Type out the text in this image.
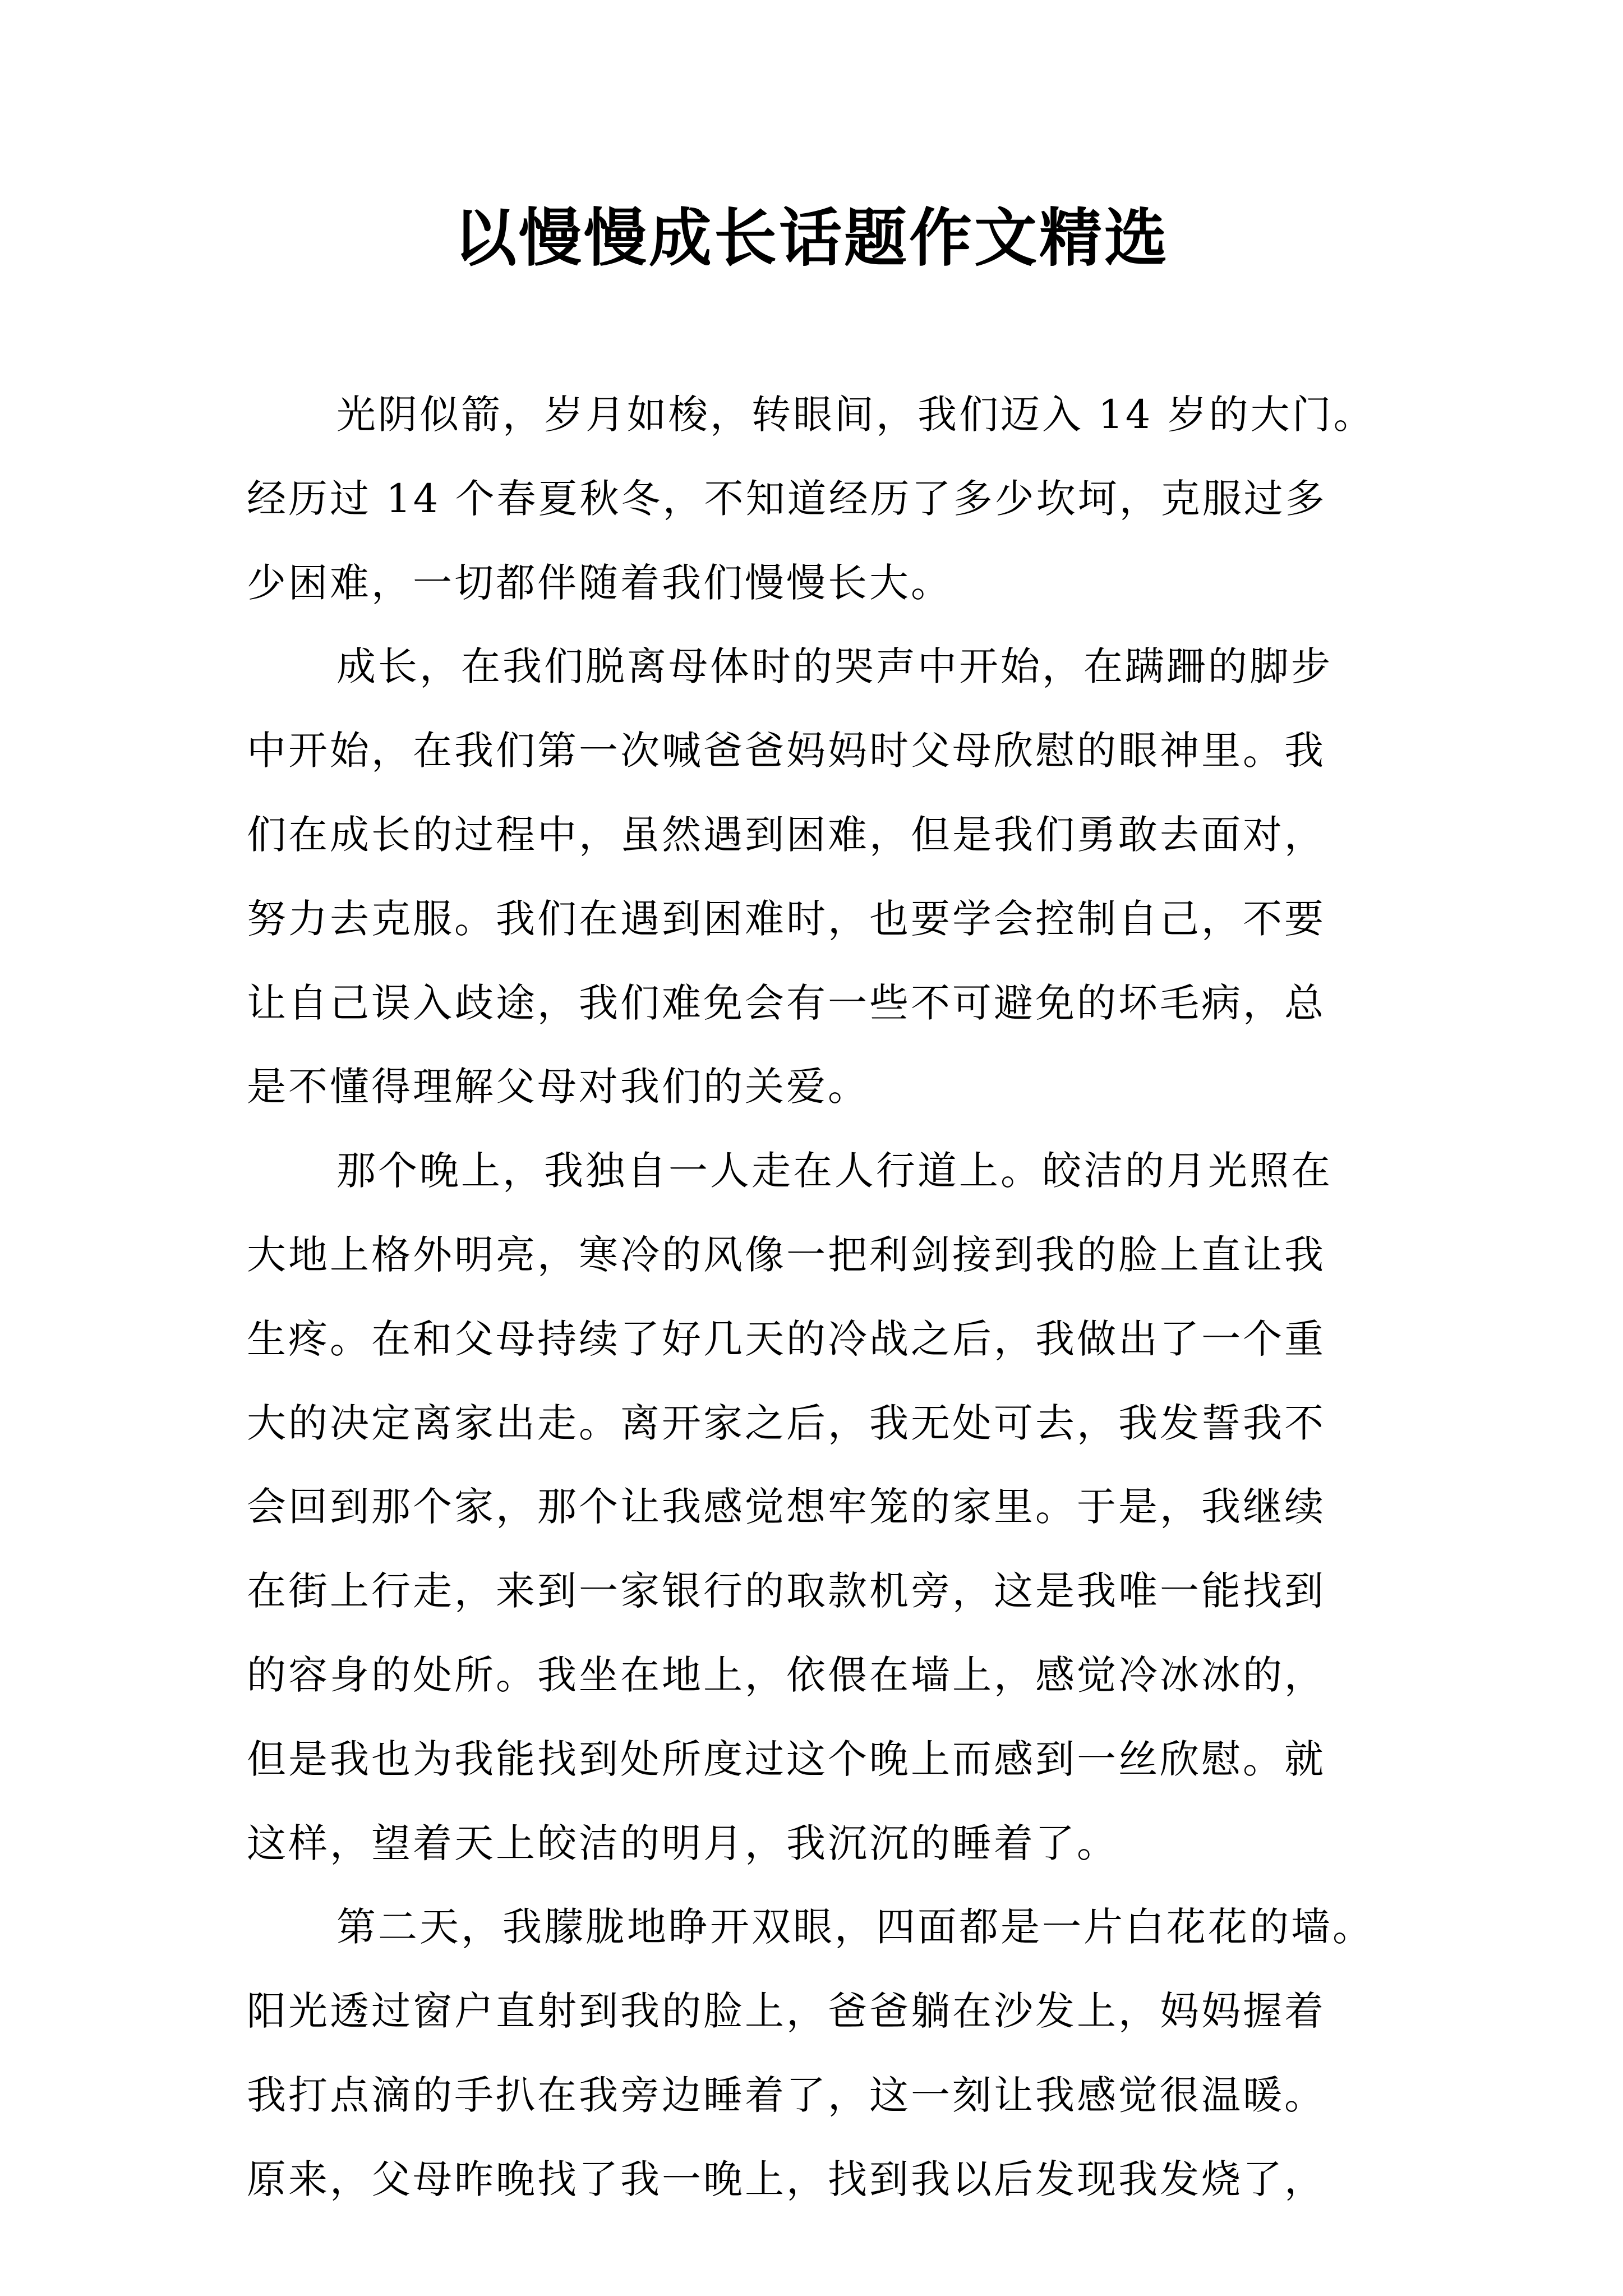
以慢慢成长话题作文精选
光阴似箭，岁月如梭，转眼间，我们迈入 14 岁的大门。
经历过 14 个春夏秋冬，不知道经历了多少坎坷，克服过多
少困难，一切都伴随着我们慢慢长大。
成长，在我们脱离母体时的哭声中开始，在蹒跚的脚步
中开始，在我们第一次喊爸爸妈妈时父母欣慰的眼神里。我
们在成长的过程中，虽然遇到困难，但是我们勇敢去面对，
努力去克服。我们在遇到困难时，也要学会控制自己，不要
让自己误入歧途，我们难免会有一些不可避免的坏毛病，总
是不懂得理解父母对我们的关爱。
那个晚上，我独自一人走在人行道上。皎洁的月光照在
大地上格外明亮，寒冷的风像一把利剑接到我的脸上直让我
生疼。在和父母持续了好几天的冷战之后，我做出了一个重
大的决定离家出走。离开家之后，我无处可去，我发誓我不
会回到那个家，那个让我感觉想牢笼的家里。于是，我继续
在街上行走，来到一家银行的取款机旁，这是我唯一能找到
的容身的处所。我坐在地上，依偎在墙上，感觉冷冰冰的，
但是我也为我能找到处所度过这个晚上而感到一丝欣慰。就
这样，望着天上皎洁的明月，我沉沉的睡着了。
第二天，我朦胧地睁开双眼，四面都是一片白花花的墙。
阳光透过窗户直射到我的脸上，爸爸躺在沙发上，妈妈握着
我打点滴的手扒在我旁边睡着了，这一刻让我感觉很温暖。
原来，父母昨晚找了我一晚上，找到我以后发现我发烧了，
